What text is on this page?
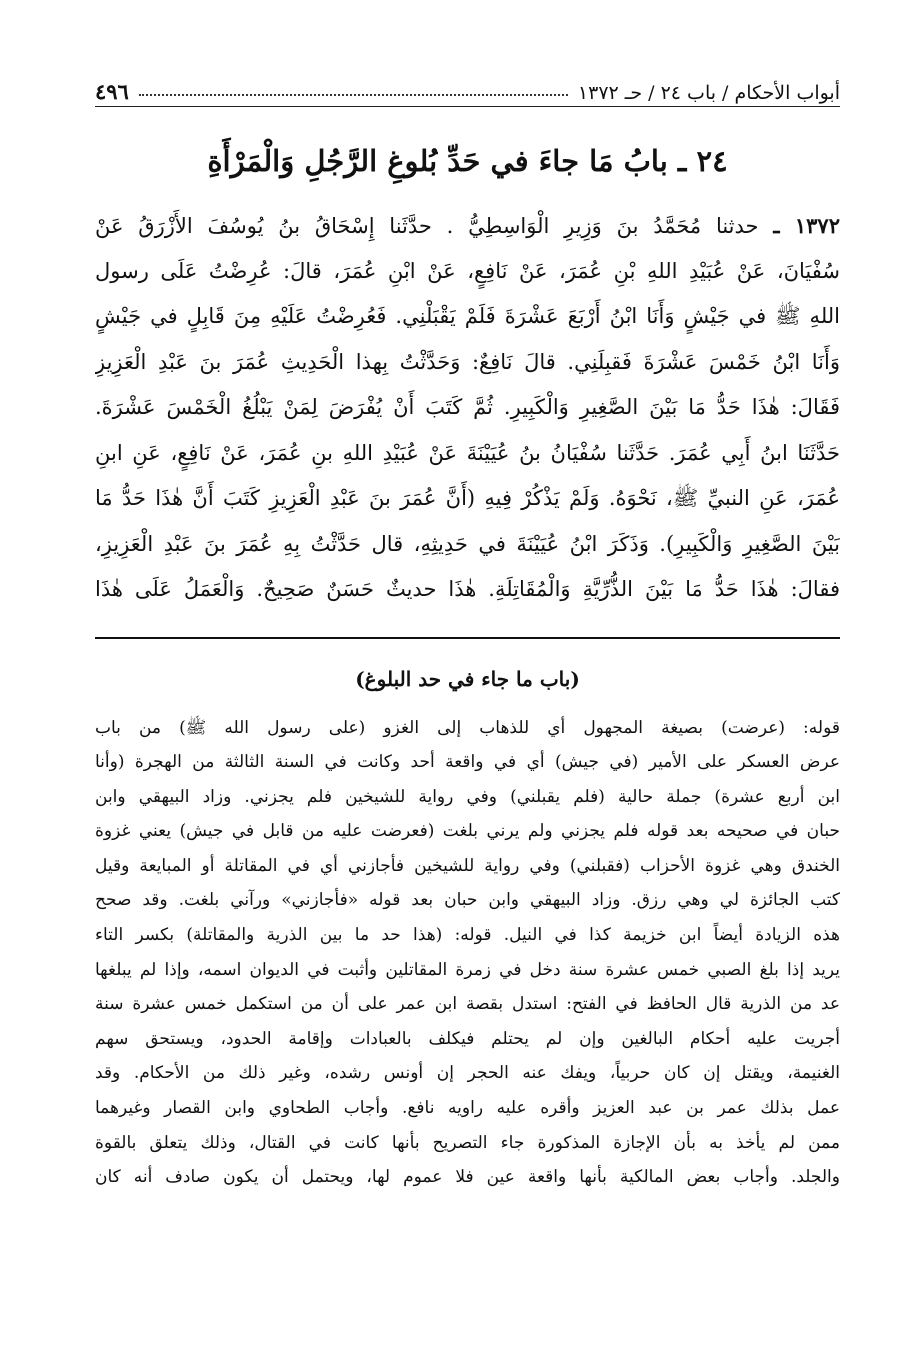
أبواب الأحكام / باب ٢٤ / حـ ١٣٧٢
٤٩٦
٢٤ ـ بابُ مَا جاءَ في حَدِّ بُلوغِ الرَّجُلِ وَالْمَرْأَةِ
١٣٧٢ ـ حدثنا مُحَمَّدُ بنَ وَزِيرِ الْوَاسِطِيُّ . حدَّثَنا إِسْحَاقُ بنُ يُوسُفَ الأَزْرَقُ عَنْ
سُفْيَانَ، عَنْ عُبَيْدِ اللهِ بْنِ عُمَرَ، عَنْ نَافِعٍ، عَنْ ابْنِ عُمَرَ، قالَ: عُرِضْتُ عَلَى رسول
اللهِ ﷺ في جَيْشٍ وَأَنَا ابْنُ أَرْبَعَ عَشْرَةَ فَلَمْ يَقْبَلْنِي. فَعُرِضْتُ عَلَيْهِ مِنَ قَابِلٍ في جَيْشٍ
وَأَنَا ابْنُ خَمْسَ عَشْرَةَ فَقبِلَنِي. قالَ نَافِعٌ: وَحَدَّثْتُ بِهذا الْحَدِيثِ عُمَرَ بنَ عَبْدِ الْعَزِيزِ
فَقَالَ: هٰذَا حَدُّ مَا بَيْنَ الصَّغِيرِ وَالْكَبِيرِ. ثُمَّ كَتَبَ أَنْ يُفْرَضَ لِمَنْ يَبْلُغُ الْخَمْسَ عَشْرَةَ.
حَدَّثَنَا ابنُ أَبِي عُمَرَ. حَدَّثَنا سُفْيَانُ بنُ عُيَيْنَةَ عَنْ عُبَيْدِ اللهِ بنِ عُمَرَ، عَنْ نَافِعٍ، عَنِ ابنِ
عُمَرَ، عَنِ النبيِّ ﷺ، نَحْوَهُ. وَلَمْ يَذْكُرْ فِيهِ (أَنَّ عُمَرَ بنَ عَبْدِ الْعَزِيزِ كَتَبَ أَنَّ هٰذَا حَدُّ مَا
بَيْنَ الصَّغِيرِ وَالْكَبِيرِ). وَذَكَرَ ابْنُ عُيَيْنَةَ في حَدِيثِهِ، قال حَدَّثْتُ بِهِ عُمَرَ بنَ عَبْدِ الْعَزِيزِ،
فقالَ: هٰذَا حَدُّ مَا بَيْنَ الذُّرِّيَّةِ وَالْمُقَاتِلَةِ. هٰذَا حديثٌ حَسَنٌ صَحِيحٌ. وَالْعَمَلُ عَلَى هٰذَا
(باب ما جاء في حد البلوغ)
قوله: (عرضت) بصيغة المجهول أي للذهاب إلى الغزو (على رسول الله ﷺ) من باب
عرض العسكر على الأمير (في جيش) أي في واقعة أحد وكانت في السنة الثالثة من الهجرة (وأنا
ابن أربع عشرة) جملة حالية (فلم يقبلني) وفي رواية للشيخين فلم يجزني. وزاد البيهقي وابن
حبان في صحيحه بعد قوله فلم يجزني ولم يرني بلغت (فعرضت عليه من قابل في جيش) يعني غزوة
الخندق وهي غزوة الأحزاب (فقبلني) وفي رواية للشيخين فأجازني أي في المقاتلة أو المبايعة وقيل
كتب الجائزة لي وهي رزق. وزاد البيهقي وابن حبان بعد قوله «فأجازني» ورآني بلغت. وقد صحح
هذه الزيادة أيضاً ابن خزيمة كذا في النيل. قوله: (هذا حد ما بين الذرية والمقاتلة) بكسر التاء
يريد إذا بلغ الصبي خمس عشرة سنة دخل في زمرة المقاتلين وأثبت في الديوان اسمه، وإذا لم يبلغها
عد من الذرية قال الحافظ في الفتح: استدل بقصة ابن عمر على أن من استكمل خمس عشرة سنة
أجريت عليه أحكام البالغين وإن لم يحتلم فيكلف بالعبادات وإقامة الحدود، ويستحق سهم
الغنيمة، ويقتل إن كان حربياً، ويفك عنه الحجر إن أونس رشده، وغير ذلك من الأحكام. وقد
عمل بذلك عمر بن عبد العزيز وأقره عليه راويه نافع. وأجاب الطحاوي وابن القصار وغيرهما
ممن لم يأخذ به بأن الإجازة المذكورة جاء التصريح بأنها كانت في القتال، وذلك يتعلق بالقوة
والجلد. وأجاب بعض المالكية بأنها واقعة عين فلا عموم لها، ويحتمل أن يكون صادف أنه كان
